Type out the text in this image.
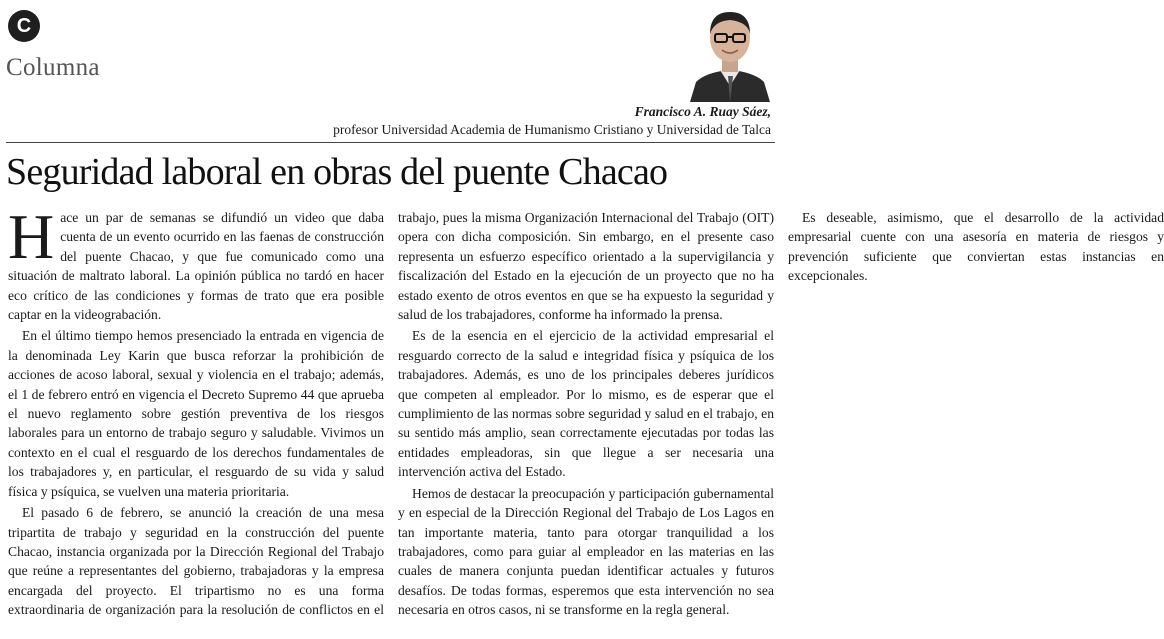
C
Columna
Francisco A. Ruay Sáez,
profesor Universidad Academia de Humanismo Cristiano y Universidad de Talca
Seguridad laboral en obras del puente Chacao

Hace un par de semanas se difundió un video que daba cuenta de un evento ocurrido en las faenas de construcción del puente Chacao, y que fue comunicado como una situación de maltrato laboral. La opinión pública no tardó en hacer eco crítico de las condiciones y formas de trato que era posible captar en la videograbación.

En el último tiempo hemos presenciado la entrada en vigencia de la denominada Ley Karin que busca reforzar la prohibición de acciones de acoso laboral, sexual y violencia en el trabajo; además, el 1 de febrero entró en vigencia el Decreto Supremo 44 que aprueba el nuevo reglamento sobre gestión preventiva de los riesgos laborales para un entorno de trabajo seguro y saludable. Vivimos un contexto en el cual el resguardo de los derechos fundamentales de los trabajadores y, en particular, el resguardo de su vida y salud física y psíquica, se vuelven una materia prioritaria.

El pasado 6 de febrero, se anunció la creación de una mesa tripartita de trabajo y seguridad en la construcción del puente Chacao, instancia organizada por la Dirección Regional del Trabajo que reúne a representantes del gobierno, trabajadoras y la empresa encargada del proyecto. El tripartismo no es una forma extraordinaria de organización para la resolución de conflictos en el trabajo, pues la misma Organización Internacional del Trabajo (OIT) opera con dicha composición. Sin embargo, en el presente caso representa un esfuerzo específico orientado a la supervigilancia y fiscalización del Estado en la ejecución de un proyecto que no ha estado exento de otros eventos en que se ha expuesto la seguridad y salud de los trabajadores, conforme ha informado la prensa.

Es de la esencia en el ejercicio de la actividad empresarial el resguardo correcto de la salud e integridad física y psíquica de los trabajadores. Además, es uno de los principales deberes jurídicos que competen al empleador. Por lo mismo, es de esperar que el cumplimiento de las normas sobre seguridad y salud en el trabajo, en su sentido más amplio, sean correctamente ejecutadas por todas las entidades empleadoras, sin que llegue a ser necesaria una intervención activa del Estado.

Hemos de destacar la preocupación y participación gubernamental y en especial de la Dirección Regional del Trabajo de Los Lagos en tan importante materia, tanto para otorgar tranquilidad a los trabajadores, como para guiar al empleador en las materias en las cuales de manera conjunta puedan identificar actuales y futuros desafíos. De todas formas, esperemos que esta intervención no sea necesaria en otros casos, ni se transforme en la regla general.

Es deseable, asimismo, que el desarrollo de la actividad empresarial cuente con una asesoría en materia de riesgos y prevención suficiente que conviertan estas instancias en excepcionales.
